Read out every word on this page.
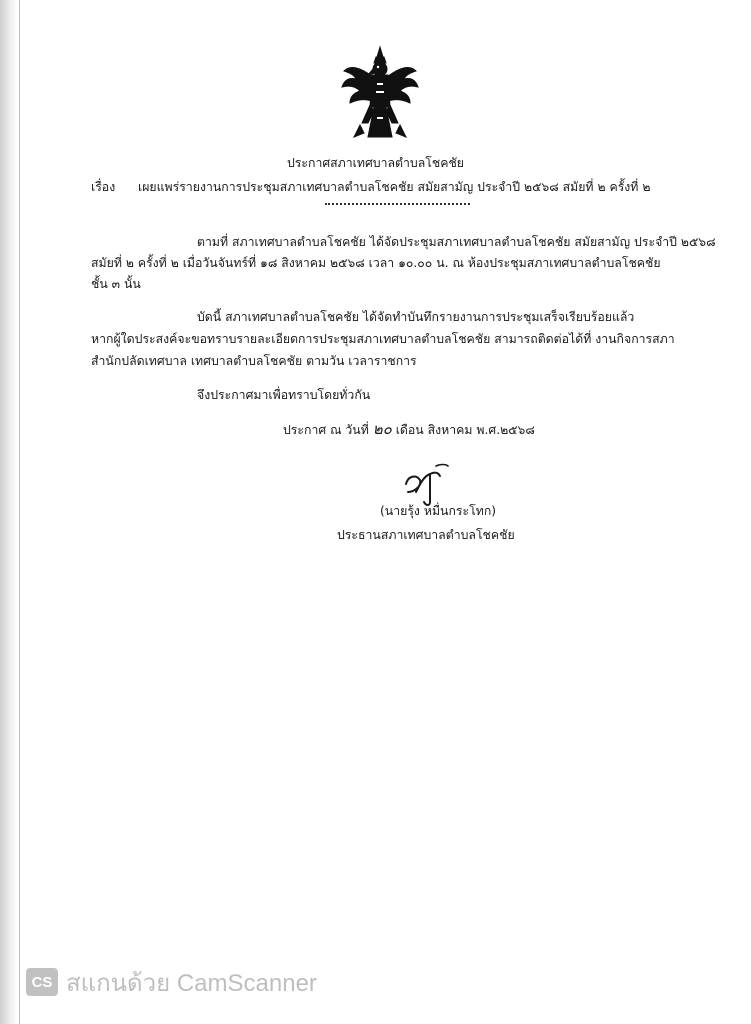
ประกาศสภาเทศบาลตำบลโชคชัย
เรื่อง เผยแพร่รายงานการประชุมสภาเทศบาลตำบลโชคชัย สมัยสามัญ ประจำปี ๒๕๖๘ สมัยที่ ๒ ครั้งที่ ๒
ตามที่ สภาเทศบาลตำบลโชคชัย ได้จัดประชุมสภาเทศบาลตำบลโชคชัย สมัยสามัญ ประจำปี ๒๕๖๘
สมัยที่ ๒ ครั้งที่ ๒ เมื่อวันจันทร์ที่ ๑๘ สิงหาคม ๒๕๖๘ เวลา ๑๐.๐๐ น. ณ ห้องประชุมสภาเทศบาลตำบลโชคชัย
ชั้น ๓ นั้น
บัดนี้ สภาเทศบาลตำบลโชคชัย ได้จัดทำบันทึกรายงานการประชุมเสร็จเรียบร้อยแล้ว
หากผู้ใดประสงค์จะขอทราบรายละเอียดการประชุมสภาเทศบาลตำบลโชคชัย สามารถติดต่อได้ที่ งานกิจการสภา
สำนักปลัดเทศบาล เทศบาลตำบลโชคชัย ตามวัน เวลาราชการ
จึงประกาศมาเพื่อทราบโดยทั่วกัน
ประกาศ ณ วันที่ ๒๐ เดือน สิงหาคม พ.ศ.๒๕๖๘
(นายรุ้ง หมื่นกระโทก)
ประธานสภาเทศบาลตำบลโชคชัย
CS สแกนด้วย CamScanner
